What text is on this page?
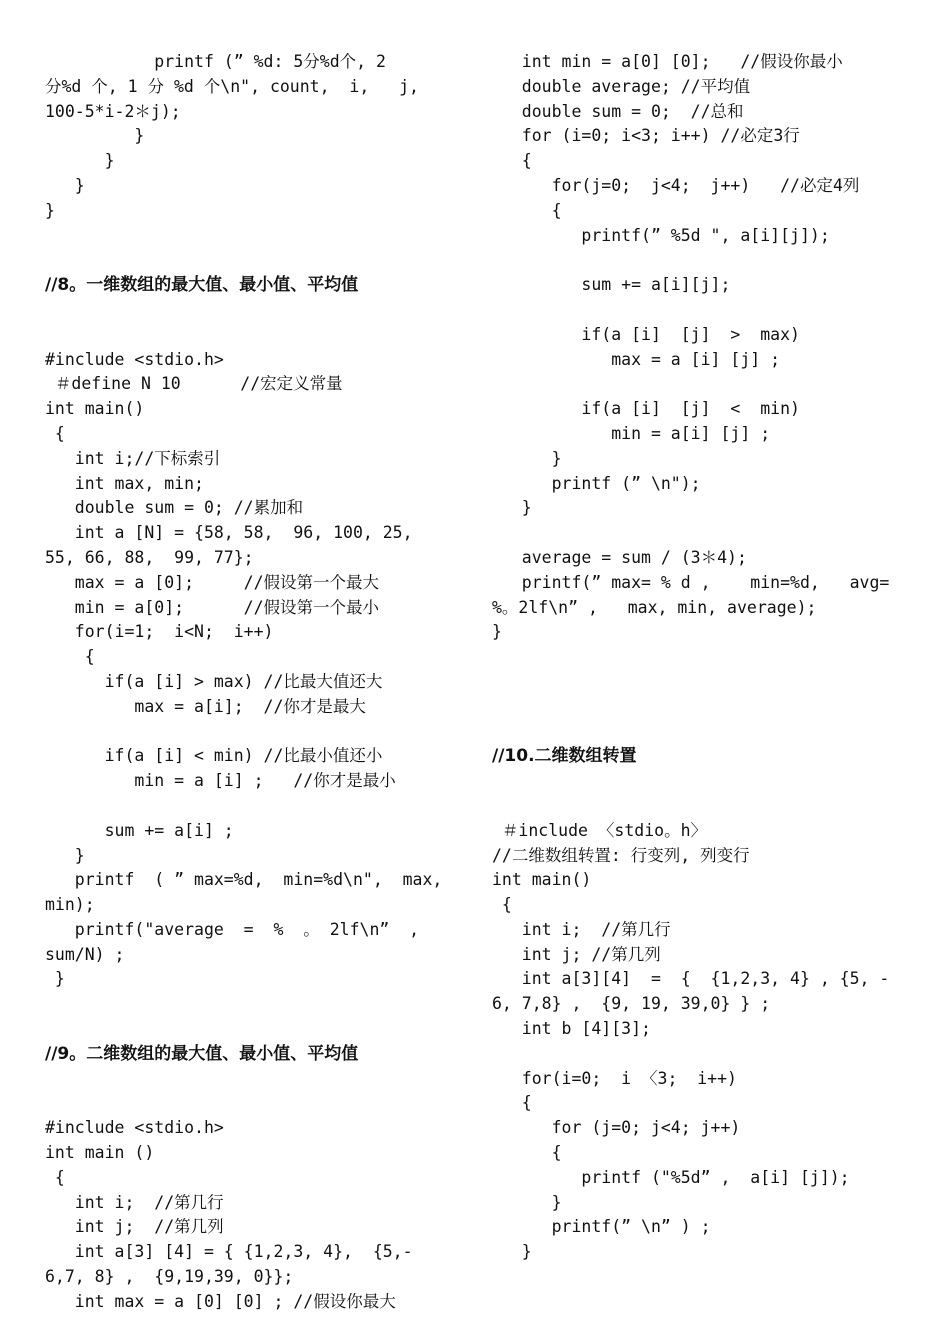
printf (” %d: 5分%d个, 2
分%d 个, 1 分 %d 个\n", count,  i,   j,
100-5*i-2＊j);
}
}
}
}
//8。一维数组的最大值、最小值、平均值
#include <stdio.h>
＃define N 10      //宏定义常量
int main()
{
int i;//下标索引
int max, min;
double sum = 0; //累加和
int a [N] = {58, 58,  96, 100, 25,
55, 66, 88,  99, 77};
max = a [0];     //假设第一个最大
min = a[0];      //假设第一个最小
for(i=1;  i<N;  i++)
{
if(a [i] > max) //比最大值还大
max = a[i];  //你才是最大
if(a [i] < min) //比最小值还小
min = a [i] ;   //你才是最小
sum += a[i] ;
}
printf  ( ” max=%d,  min=%d\n",  max,
min);
printf("average  =  %  。 2lf\n”  ,
sum/N) ;
}
//9。二维数组的最大值、最小值、平均值
#include <stdio.h>
int main ()
{
int i;  //第几行
int j;  //第几列
int a[3] [4] = { {1,2,3, 4},  {5,-
6,7, 8} ,  {9,19,39, 0}};
int max = a [0] [0] ; //假设你最大
int min = a[0] [0];   //假设你最小
double average; //平均值
double sum = 0;  //总和
for (i=0; i<3; i++) //必定3行
{
for(j=0;  j<4;  j++)   //必定4列
{
printf(” %5d ", a[i][j]);
sum += a[i][j];
if(a [i]  [j]  >  max)
max = a [i] [j] ;
if(a [i]  [j]  <  min)
min = a[i] [j] ;
}
printf (” \n");
}
average = sum / (3＊4);
printf(” max= % d ,    min=%d,   avg=
%。2lf\n” ,   max, min, average);
}
//10.二维数组转置
＃include 〈stdio。h〉
//二维数组转置: 行变列, 列变行
int main()
{
int i;  //第几行
int j; //第几列
int a[3][4]  =  {  {1,2,3, 4} , {5, -
6, 7,8} ,  {9, 19, 39,0} } ;
int b [4][3];
for(i=0;  i 〈3;  i++)
{
for (j=0; j<4; j++)
{
printf ("%5d” ,  a[i] [j]);
}
printf(” \n” ) ;
}
